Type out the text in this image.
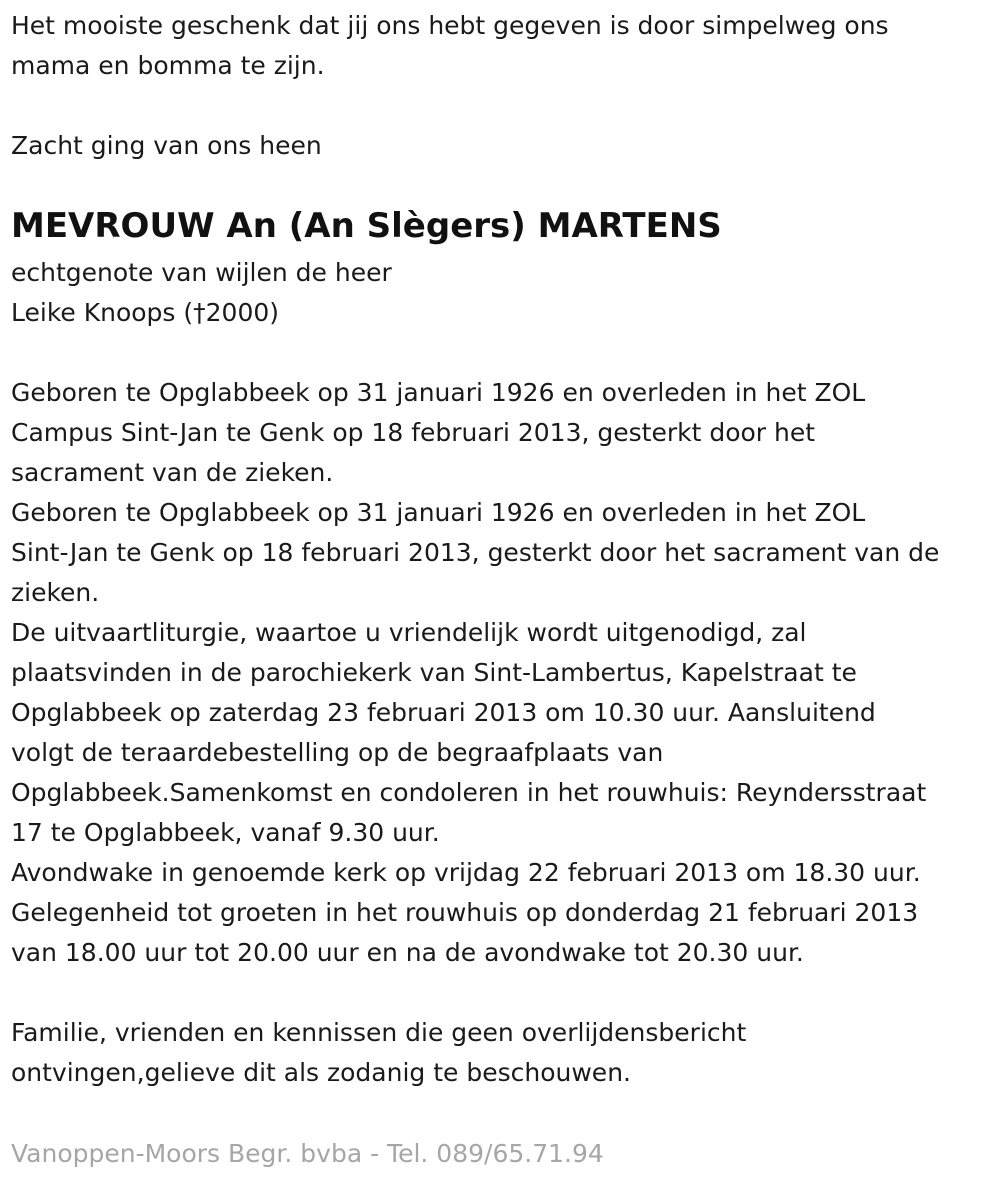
Het mooiste geschenk dat jij ons hebt gegeven is door simpelweg ons

mama en bomma te zijn.

Zacht ging van ons heen

MEVROUW An (An Slègers) MARTENS

echtgenote van wijlen de heer

Leike Knoops (†2000)

Geboren te Opglabbeek op 31 januari 1926 en overleden in het ZOL

Campus Sint-Jan te Genk op 18 februari 2013, gesterkt door het

sacrament van de zieken.

Geboren te Opglabbeek op 31 januari 1926 en overleden in het ZOL

Sint-Jan te Genk op 18 februari 2013, gesterkt door het sacrament van de

zieken.

De uitvaartliturgie, waartoe u vriendelijk wordt uitgenodigd, zal

plaatsvinden in de parochiekerk van Sint-Lambertus, Kapelstraat te

Opglabbeek op zaterdag 23 februari 2013 om 10.30 uur. Aansluitend

volgt de teraardebestelling op de begraafplaats van

Opglabbeek.Samenkomst en condoleren in het rouwhuis: Reyndersstraat

17 te Opglabbeek, vanaf 9.30 uur.

Avondwake in genoemde kerk op vrijdag 22 februari 2013 om 18.30 uur.

Gelegenheid tot groeten in het rouwhuis op donderdag 21 februari 2013

van 18.00 uur tot 20.00 uur en na de avondwake tot 20.30 uur.

Familie, vrienden en kennissen die geen overlijdensbericht

ontvingen,gelieve dit als zodanig te beschouwen.

Vanoppen-Moors Begr. bvba - Tel. 089/65.71.94
